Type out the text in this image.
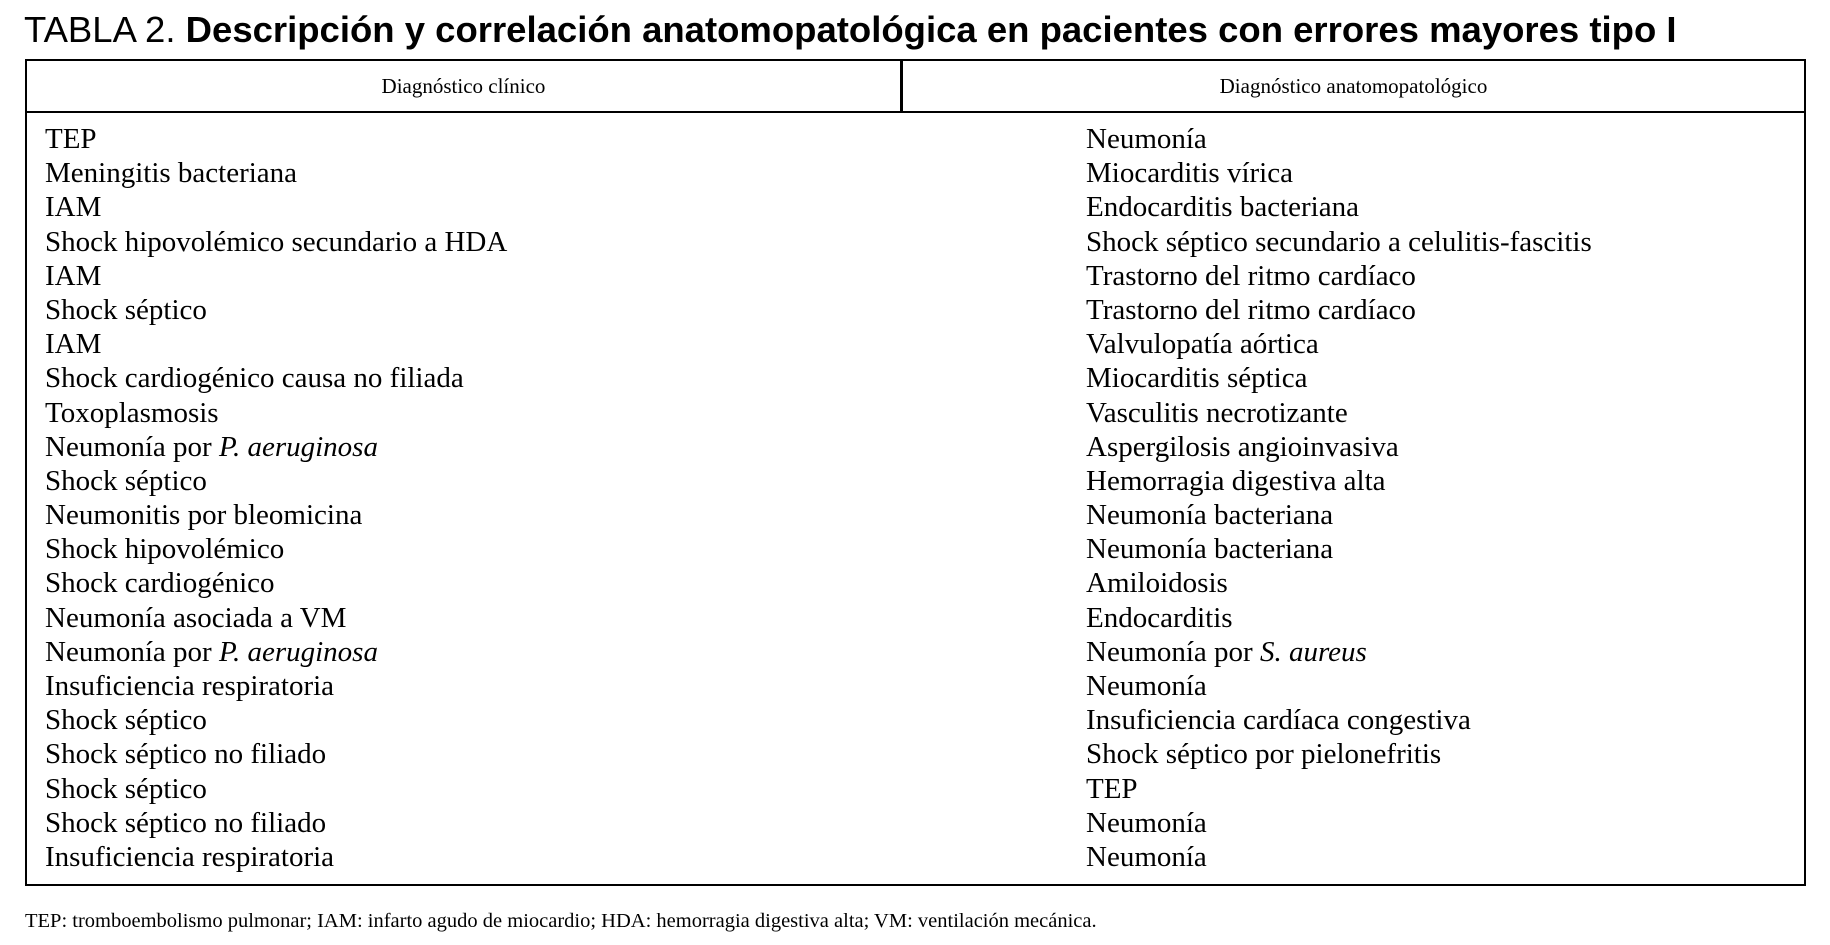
TABLA 2. Descripción y correlación anatomopatológica en pacientes con errores mayores tipo I
Diagnóstico clínico	Diagnóstico anatomopatológico
TEP
Meningitis bacteriana
IAM
Shock hipovolémico secundario a HDA
IAM
Shock séptico
IAM
Shock cardiogénico causa no filiada
Toxoplasmosis
Neumonía por P. aeruginosa
Shock séptico
Neumonitis por bleomicina
Shock hipovolémico
Shock cardiogénico
Neumonía asociada a VM
Neumonía por P. aeruginosa
Insuficiencia respiratoria
Shock séptico
Shock séptico no filiado
Shock séptico
Shock séptico no filiado
Insuficiencia respiratoria
Neumonía
Miocarditis vírica
Endocarditis bacteriana
Shock séptico secundario a celulitis-fascitis
Trastorno del ritmo cardíaco
Trastorno del ritmo cardíaco
Valvulopatía aórtica
Miocarditis séptica
Vasculitis necrotizante
Aspergilosis angioinvasiva
Hemorragia digestiva alta
Neumonía bacteriana
Neumonía bacteriana
Amiloidosis
Endocarditis
Neumonía por S. aureus
Neumonía
Insuficiencia cardíaca congestiva
Shock séptico por pielonefritis
TEP
Neumonía
Neumonía

TEP: tromboembolismo pulmonar; IAM: infarto agudo de miocardio; HDA: hemorragia digestiva alta; VM: ventilación mecánica.
